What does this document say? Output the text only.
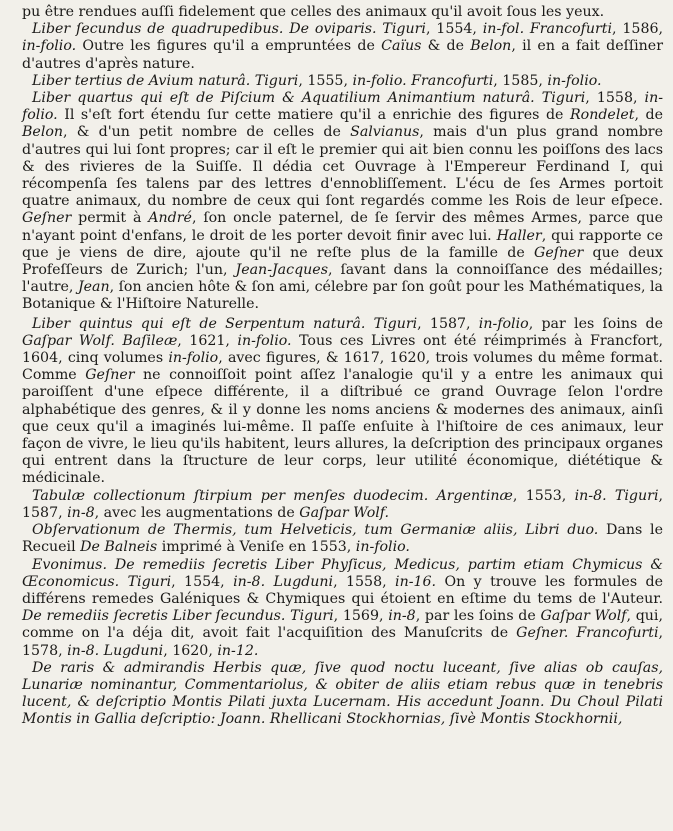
pu être rendues auſſi fidelement que celles des animaux qu'il avoit ſous les yeux.

Liber ſecundus de quadrupedibus. De oviparis. Tiguri, 1554, in-fol. Francofurti, 1586, in-folio. Outre les figures qu'il a empruntées de Caïus & de Belon, il en a fait deſſiner d'autres d'après nature.

Liber tertius de Avium naturâ. Tiguri, 1555, in-folio. Francofurti, 1585, in-folio.

Liber quartus qui eſt de Piſcium & Aquatilium Animantium naturâ. Tiguri, 1558, in-folio. Il s'eſt fort étendu ſur cette matiere qu'il a enrichie des figures de Rondelet, de Belon, & d'un petit nombre de celles de Salvianus, mais d'un plus grand nombre d'autres qui lui ſont propres; car il eſt le premier qui ait bien connu les poiſſons des lacs & des rivieres de la Suiſſe. Il dédia cet Ouvrage à l'Empereur Ferdinand I, qui récompenſa ſes talens par des lettres d'ennobliſſement. L'écu de ſes Armes portoit quatre animaux, du nombre de ceux qui ſont regardés comme les Rois de leur eſpece. Geſner permit à André, ſon oncle paternel, de ſe ſervir des mêmes Armes, parce que n'ayant point d'enfans, le droit de les porter devoit finir avec lui. Haller, qui rapporte ce que je viens de dire, ajoute qu'il ne reſte plus de la famille de Geſner que deux Profeſſeurs de Zurich; l'un, Jean-Jacques, ſavant dans la connoiſſance des médailles; l'autre, Jean, ſon ancien hôte & ſon ami, célebre par ſon goût pour les Mathématiques, la Botanique & l'Hiſtoire Naturelle.

Liber quintus qui eſt de Serpentum naturâ. Tiguri, 1587, in-folio, par les ſoins de Gaſpar Wolf. Baſileæ, 1621, in-folio. Tous ces Livres ont été réimprimés à Francfort, 1604, cinq volumes in-folio, avec figures, & 1617, 1620, trois volumes du même format. Comme Geſner ne connoiſſoit point aſſez l'analogie qu'il y a entre les animaux qui paroiſſent d'une eſpece différente, il a diſtribué ce grand Ouvrage ſelon l'ordre alphabétique des genres, & il y donne les noms anciens & modernes des animaux, ainſi que ceux qu'il a imaginés lui-même. Il paſſe enſuite à l'hiſtoire de ces animaux, leur façon de vivre, le lieu qu'ils habitent, leurs allures, la deſcription des principaux organes qui entrent dans la ſtructure de leur corps, leur utilité économique, diététique & médicinale.

Tabulæ collectionum ſtirpium per menſes duodecim. Argentinæ, 1553, in-8. Tiguri, 1587, in-8, avec les augmentations de Gaſpar Wolf.

Obſervationum de Thermis, tum Helveticis, tum Germaniæ aliis, Libri duo. Dans le Recueil De Balneis imprimé à Veniſe en 1553, in-folio.

Evonimus. De remediis ſecretis Liber Phyſicus, Medicus, partim etiam Chymicus & Œconomicus. Tiguri, 1554, in-8. Lugduni, 1558, in-16. On y trouve les formules de différens remedes Galéniques & Chymiques qui étoient en eſtime du tems de l'Auteur. De remediis ſecretis Liber ſecundus. Tiguri, 1569, in-8, par les ſoins de Gaſpar Wolf, qui, comme on l'a déja dit, avoit fait l'acquiſition des Manuſcrits de Geſner. Francofurti, 1578, in-8. Lugduni, 1620, in-12.

De raris & admirandis Herbis quæ, ſive quod noctu luceant, ſive alias ob cauſas, Lunariæ nominantur, Commentariolus, & obiter de aliis etiam rebus quæ in tenebris lucent, & deſcriptio Montis Pilati juxta Lucernam. His accedunt Joann. Du Choul Pilati Montis in Gallia deſcriptio: Joann. Rhellicani Stockhornias, ſivè Montis Stockhornii,
